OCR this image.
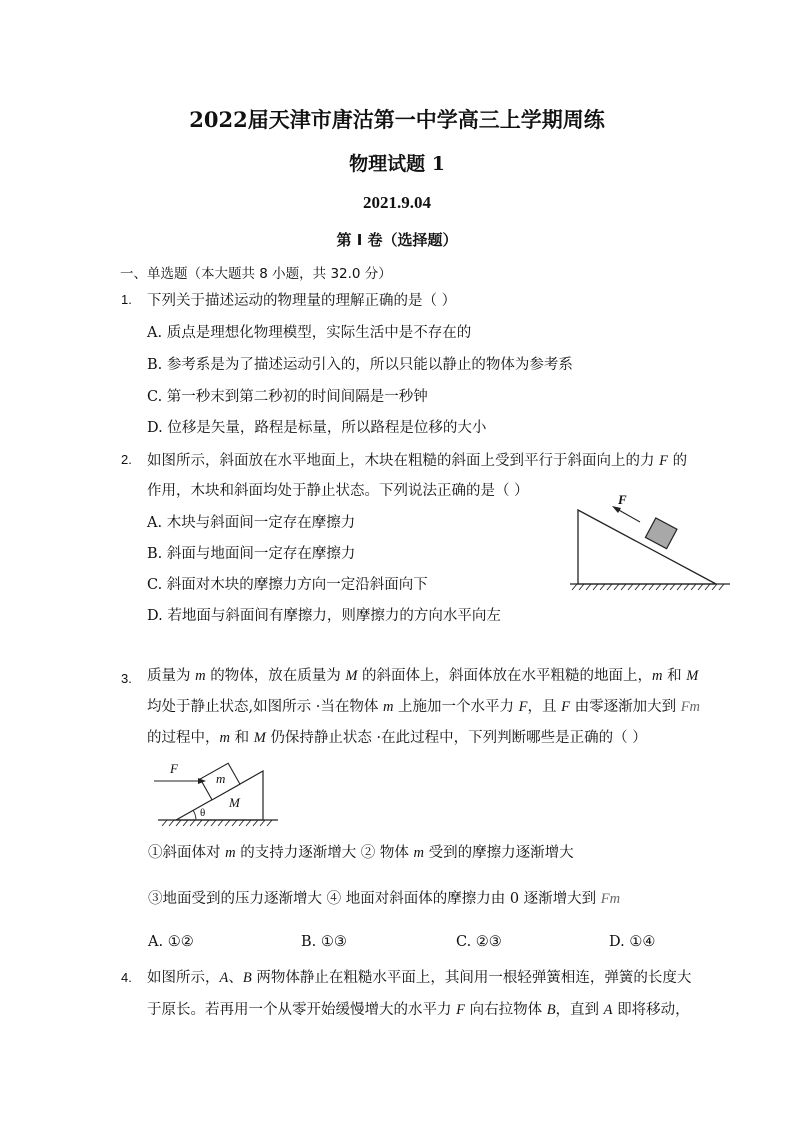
2022届天津市唐沽第一中学高三上学期周练
物理试题 1
2021.9.04
第 I 卷（选择题）
一、单选题（本大题共 8 小题，共 32.0 分）
1. 下列关于描述运动的物理量的理解正确的是（ ）
A. 质点是理想化物理模型，实际生活中是不存在的
B. 参考系是为了描述运动引入的，所以只能以静止的物体为参考系
C. 第一秒末到第二秒初的时间间隔是一秒钟
D. 位移是矢量，路程是标量，所以路程是位移的大小
2. 如图所示，斜面放在水平地面上，木块在粗糙的斜面上受到平行于斜面向上的力 F 的
作用，木块和斜面均处于静止状态。下列说法正确的是（ ）
A. 木块与斜面间一定存在摩擦力
B. 斜面与地面间一定存在摩擦力
C. 斜面对木块的摩擦力方向一定沿斜面向下
D. 若地面与斜面间有摩擦力，则摩擦力的方向水平向左
F
3. 质量为 m 的物体，放在质量为 M 的斜面体上，斜面体放在水平粗糙的地面上，m 和 M
均处于静止状态,如图所示 ·当在物体 m 上施加一个水平力 F，且 F 由零逐渐加大到 Fm
的过程中，m 和 M 仍保持静止状态 ·在此过程中，下列判断哪些是正确的（ ）
F
m
M
θ
①斜面体对 m 的支持力逐渐增大 ② 物体 m 受到的摩擦力逐渐增大
③地面受到的压力逐渐增大 ④ 地面对斜面体的摩擦力由 0 逐渐增大到 Fm
A. ①②	B. ①③	C. ②③	D. ①④
4. 如图所示，A、B 两物体静止在粗糙水平面上，其间用一根轻弹簧相连，弹簧的长度大
于原长。若再用一个从零开始缓慢增大的水平力 F 向右拉物体 B，直到 A 即将移动，
